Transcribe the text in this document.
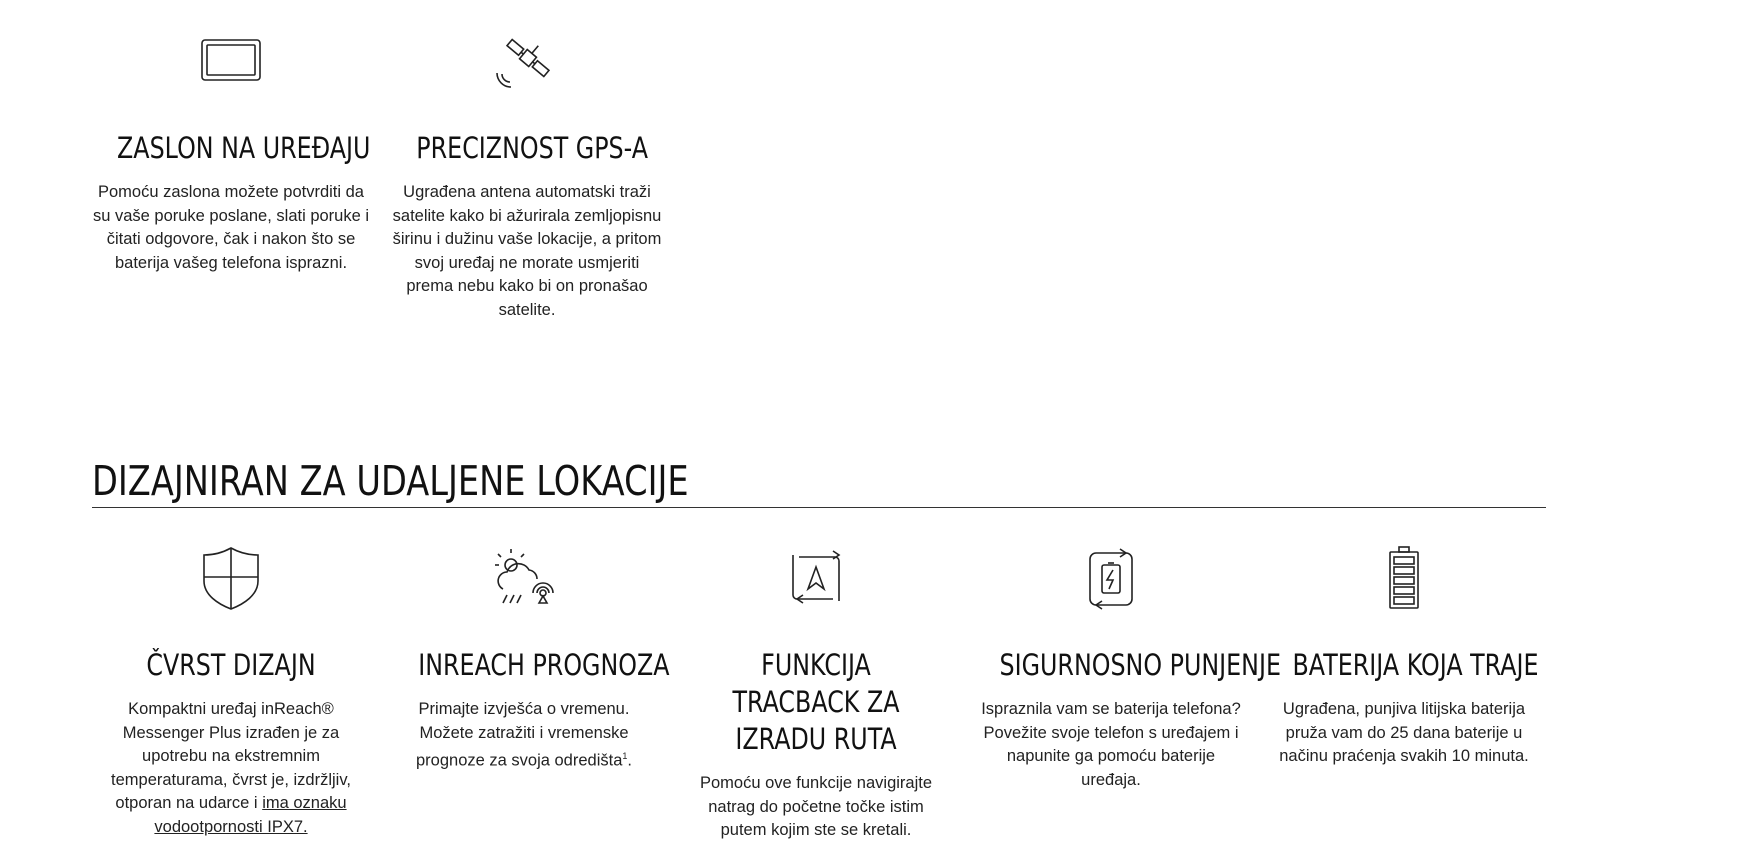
ZASLON NA UREĐAJU

Pomoću zaslona možete potvrditi da su vaše poruke poslane, slati poruke i čitati odgovore, čak i nakon što se baterija vašeg telefona isprazni.

PRECIZNOST GPS-A

Ugrađena antena automatski traži satelite kako bi ažurirala zemljopisnu širinu i dužinu vaše lokacije, a pritom svoj uređaj ne morate usmjeriti prema nebu kako bi on pronašao satelite.

DIZAJNIRAN ZA UDALJENE LOKACIJE
ČVRST DIZAJN

Kompaktni uređaj inReach® Messenger Plus izrađen je za upotrebu na ekstremnim temperaturama, čvrst je, izdržljiv, otporan na udarce i ima oznaku vodootpornosti IPX7.

INREACH PROGNOZA

Primajte izvješća o vremenu. Možete zatražiti i vremenske prognoze za svoja odredišta$^1$.

FUNKCIJA TRACBACK ZA IZRADU RUTA

Pomoću ove funkcije navigirajte natrag do početne točke istim putem kojim ste se kretali.

SIGURNOSNO PUNJENJE

Ispraznila vam se baterija telefona? Povežite svoje telefon s uređajem i napunite ga pomoću baterije uređaja.

BATERIJA KOJA TRAJE

Ugrađena, punjiva litijska baterija pruža vam do 25 dana baterije u načinu praćenja svakih 10 minuta.
